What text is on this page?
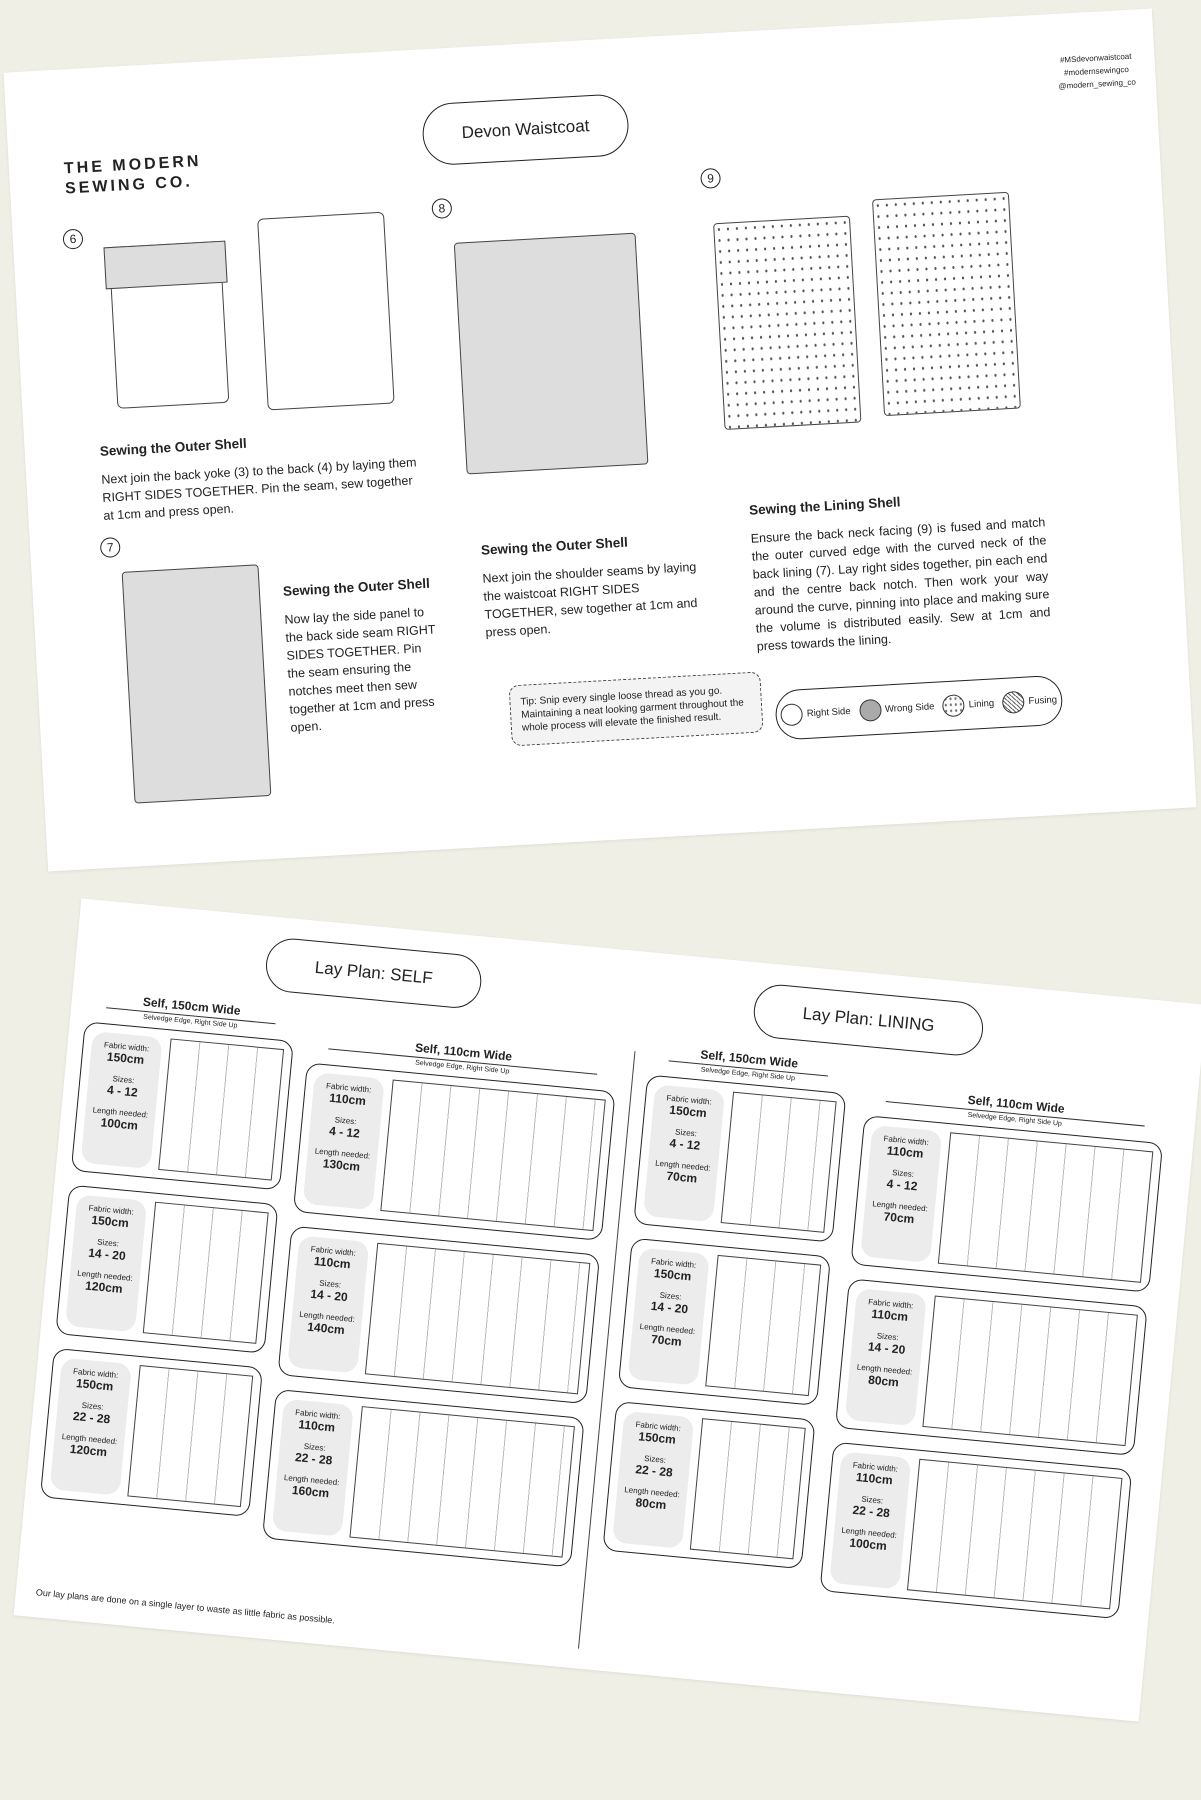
THE MODERN SEWING CO.
Devon Waistcoat
#MSdevonwaistcoat
#modernsewingco
@modern_sewing_co
6
Sewing the Outer Shell
Next join the back yoke (3) to the back (4) by laying them RIGHT SIDES TOGETHER. Pin the seam, sew together at 1cm and press open.
7
Sewing the Outer Shell
Now lay the side panel to the back side seam RIGHT SIDES TOGETHER. Pin the seam ensuring the notches meet then sew together at 1cm and press open.
8
Sewing the Outer Shell
Next join the shoulder seams by laying the waistcoat RIGHT SIDES TOGETHER, sew together at 1cm and press open.
9
Sewing the Lining Shell
Ensure the back neck facing (9) is fused and match the outer curved edge with the curved neck of the back lining (7). Lay right sides together, pin each end and the centre back notch. Then work your way around the curve, pinning into place and making sure the volume is distributed easily. Sew at 1cm and press towards the lining.
Tip: Snip every single loose thread as you go. Maintaining a neat looking garment throughout the whole process will elevate the finished result.	Right Side	Wrong Side	Lining	Fusing
Lay Plan: SELF
Lay Plan: LINING
Self, 150cm Wide
Selvedge Edge, Right Side Up
Fabric width:
150cm
Sizes:
4 - 12
Length needed:
100cm
Fabric width:
150cm
Sizes:
14 - 20
Length needed:
120cm
Fabric width:
150cm
Sizes:
22 - 28
Length needed:
120cm
Self, 110cm Wide
Selvedge Edge, Right Side Up
Fabric width:
110cm
Sizes:
4 - 12
Length needed:
130cm
Fabric width:
110cm
Sizes:
14 - 20
Length needed:
140cm
Fabric width:
110cm
Sizes:
22 - 28
Length needed:
160cm
Self, 150cm Wide
Selvedge Edge, Right Side Up
Fabric width:
150cm
Sizes:
4 - 12
Length needed:
70cm
Fabric width:
150cm
Sizes:
14 - 20
Length needed:
70cm
Fabric width:
150cm
Sizes:
22 - 28
Length needed:
80cm
Self, 110cm Wide
Selvedge Edge, Right Side Up
Fabric width:
110cm
Sizes:
4 - 12
Length needed:
70cm
Fabric width:
110cm
Sizes:
14 - 20
Length needed:
80cm
Fabric width:
110cm
Sizes:
22 - 28
Length needed:
100cm
Our lay plans are done on a single layer to waste as little fabric as possible.
